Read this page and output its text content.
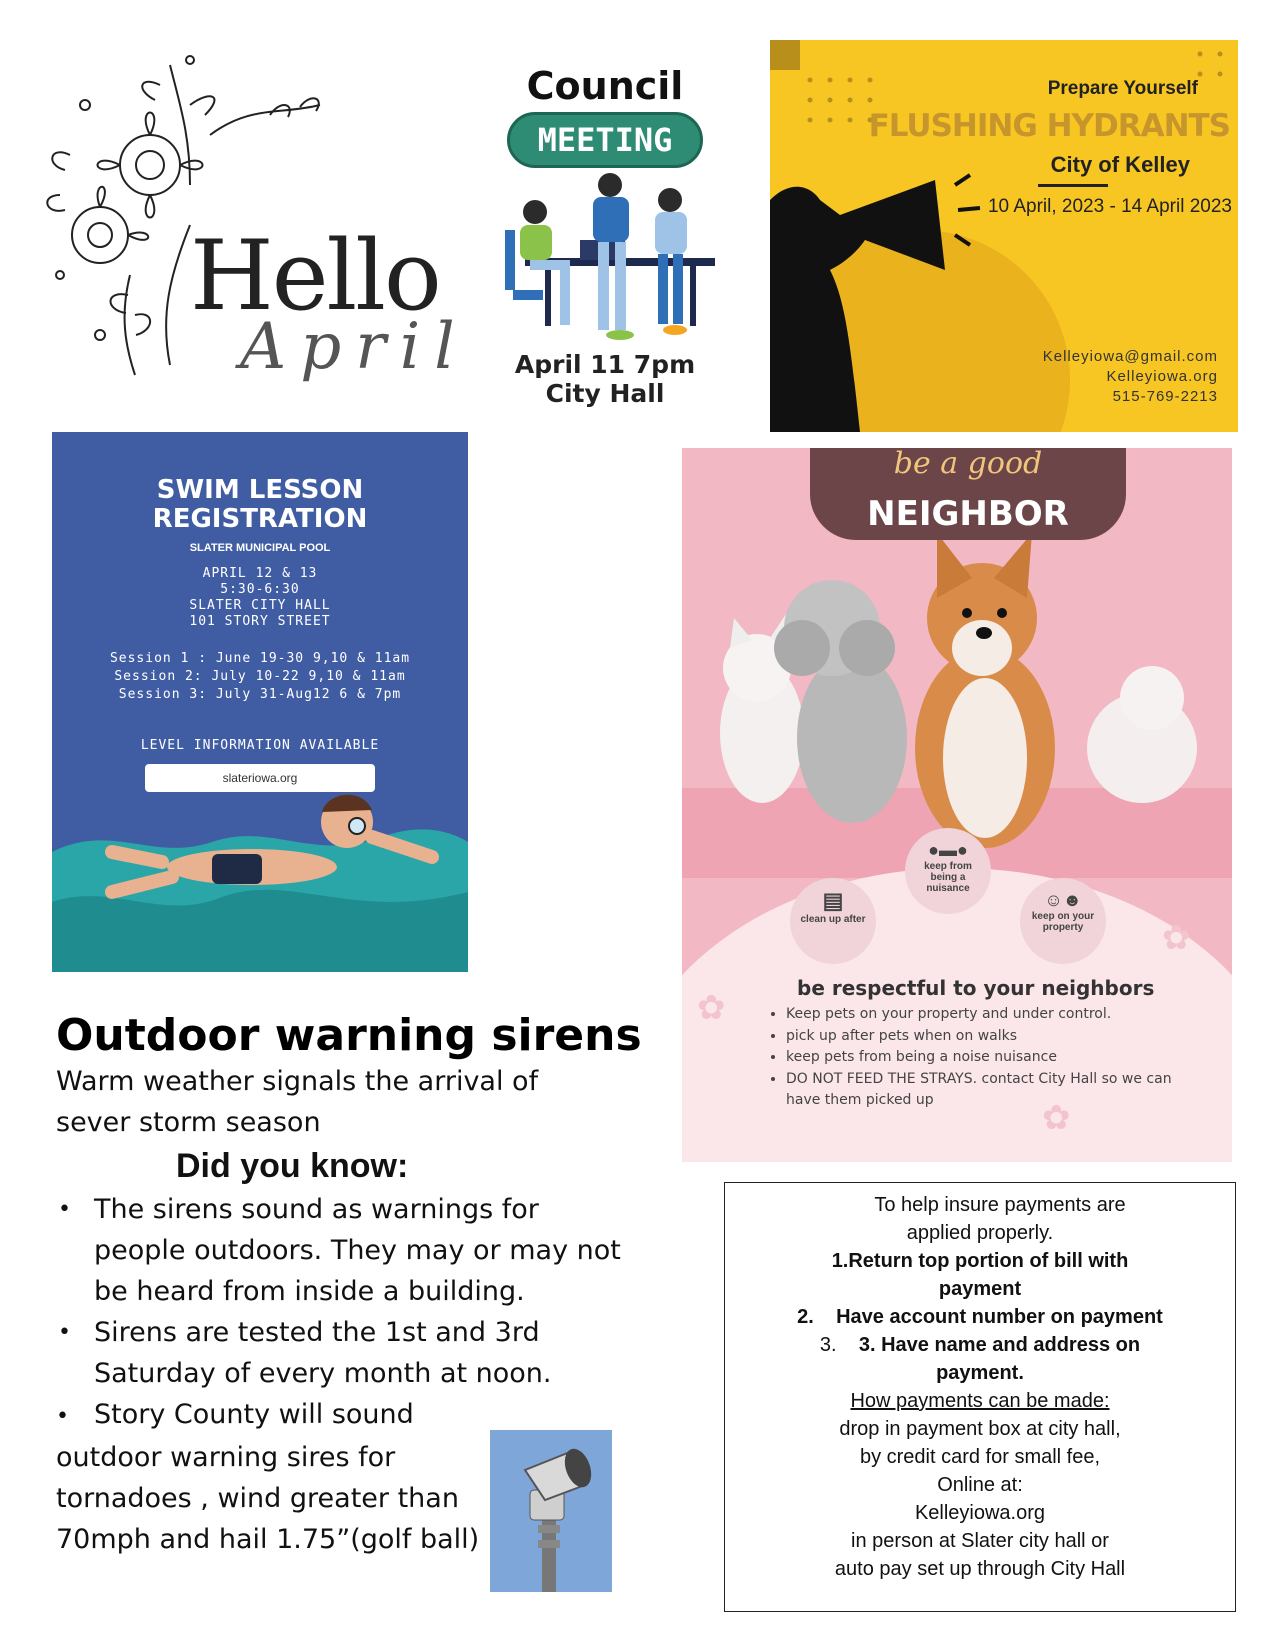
Hello
April
Council
MEETING
April 11 7pm
City Hall
Prepare Yourself
FLUSHING HYDRANTS
City of Kelley
10 April, 2023 - 14 April 2023
Kelleyiowa@gmail.com
Kelleyiowa.org
515-769-2213
SWIM LESSON
REGISTRATION
SLATER MUNICIPAL POOL
APRIL 12 & 13
5:30-6:30
SLATER CITY HALL
101 STORY STREET
Session 1 : June 19-30 9,10 & 11am
Session 2: July 10-22 9,10 & 11am
Session 3: July 31-Aug12 6 & 7pm
LEVEL INFORMATION AVAILABLE
slateriowa.org
be a good
NEIGHBOR
▤
clean up after
●▬●
keep from being a nuisance
☺☻
keep on your property	✿
✿
✿
be respectful to your neighbors
• Keep pets on your property and under control.
• pick up after pets when on walks
• keep pets from being a noise nuisance
• DO NOT FEED THE STRAYS. contact City Hall so we can have them picked up
Outdoor warning sirens
Warm weather signals the arrival of sever storm season
Did you know:
• The sirens sound as warnings for people outdoors. They may or may not be heard from inside a building.
• Sirens are tested the 1st and 3rd Saturday of every month at noon.
• Story County will sound outdoor warning sires for tornadoes , wind greater than 70mph and hail 1.75”(golf ball)
To help insure payments are
applied properly.
1.Return top portion of bill with
payment
2. Have account number on payment
3. 3. Have name and address on
payment.
How payments can be made:
drop in payment box at city hall,
by credit card for small fee,
Online at:
Kelleyiowa.org
in person at Slater city hall or
auto pay set up through City Hall
